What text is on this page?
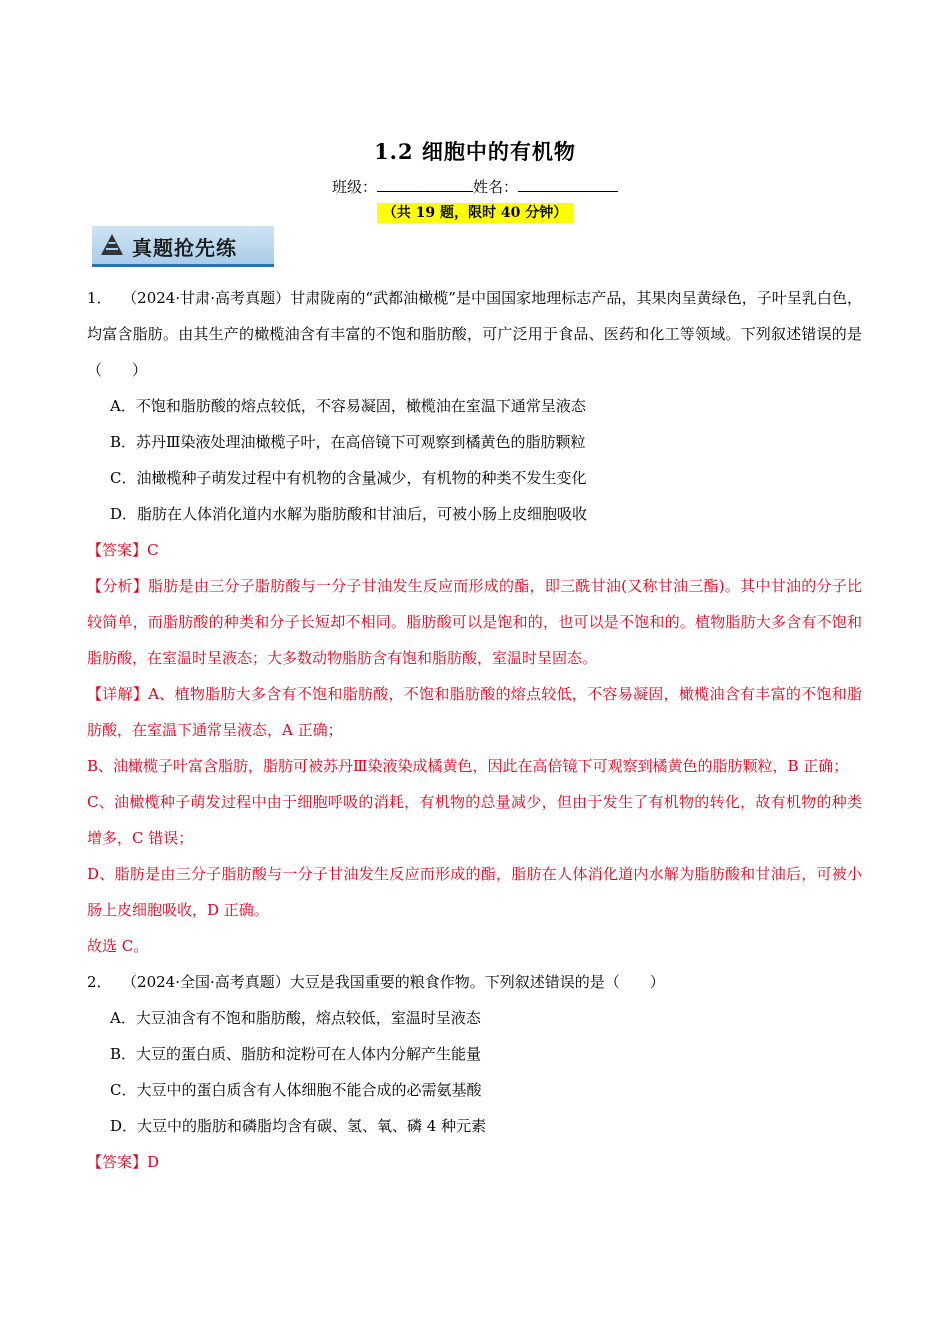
1.2 细胞中的有机物
班级：	姓名：
（共 19 题，限时 40 分钟）
真题抢先练

1． （2024·甘肃·高考真题）甘肃陇南的“武都油橄榄”是中国国家地理标志产品，其果肉呈黄绿色，子叶呈乳白色，均富含脂肪。由其生产的橄榄油含有丰富的不饱和脂肪酸，可广泛用于食品、医药和化工等领域。下列叙述错误的是（　　）

A．不饱和脂肪酸的熔点较低，不容易凝固，橄榄油在室温下通常呈液态

B．苏丹Ⅲ染液处理油橄榄子叶，在高倍镜下可观察到橘黄色的脂肪颗粒

C．油橄榄种子萌发过程中有机物的含量减少，有机物的种类不发生变化

D．脂肪在人体消化道内水解为脂肪酸和甘油后，可被小肠上皮细胞吸收

【答案】C

【分析】脂肪是由三分子脂肪酸与一分子甘油发生反应而形成的酯，即三酰甘油(又称甘油三酯)。其中甘油的分子比较简单，而脂肪酸的种类和分子长短却不相同。脂肪酸可以是饱和的，也可以是不饱和的。植物脂肪大多含有不饱和脂肪酸，在室温时呈液态；大多数动物脂肪含有饱和脂肪酸，室温时呈固态。

【详解】A、植物脂肪大多含有不饱和脂肪酸，不饱和脂肪酸的熔点较低，不容易凝固，橄榄油含有丰富的不饱和脂肪酸，在室温下通常呈液态，A 正确；

B、油橄榄子叶富含脂肪，脂肪可被苏丹Ⅲ染液染成橘黄色，因此在高倍镜下可观察到橘黄色的脂肪颗粒，B 正确；

C、油橄榄种子萌发过程中由于细胞呼吸的消耗，有机物的总量减少，但由于发生了有机物的转化，故有机物的种类增多，C 错误；

D、脂肪是由三分子脂肪酸与一分子甘油发生反应而形成的酯，脂肪在人体消化道内水解为脂肪酸和甘油后，可被小肠上皮细胞吸收，D 正确。

故选 C。

2． （2024·全国·高考真题）大豆是我国重要的粮食作物。下列叙述错误的是（　　）

A．大豆油含有不饱和脂肪酸，熔点较低，室温时呈液态

B．大豆的蛋白质、脂肪和淀粉可在人体内分解产生能量

C．大豆中的蛋白质含有人体细胞不能合成的必需氨基酸

D．大豆中的脂肪和磷脂均含有碳、氢、氧、磷 4 种元素

【答案】D
